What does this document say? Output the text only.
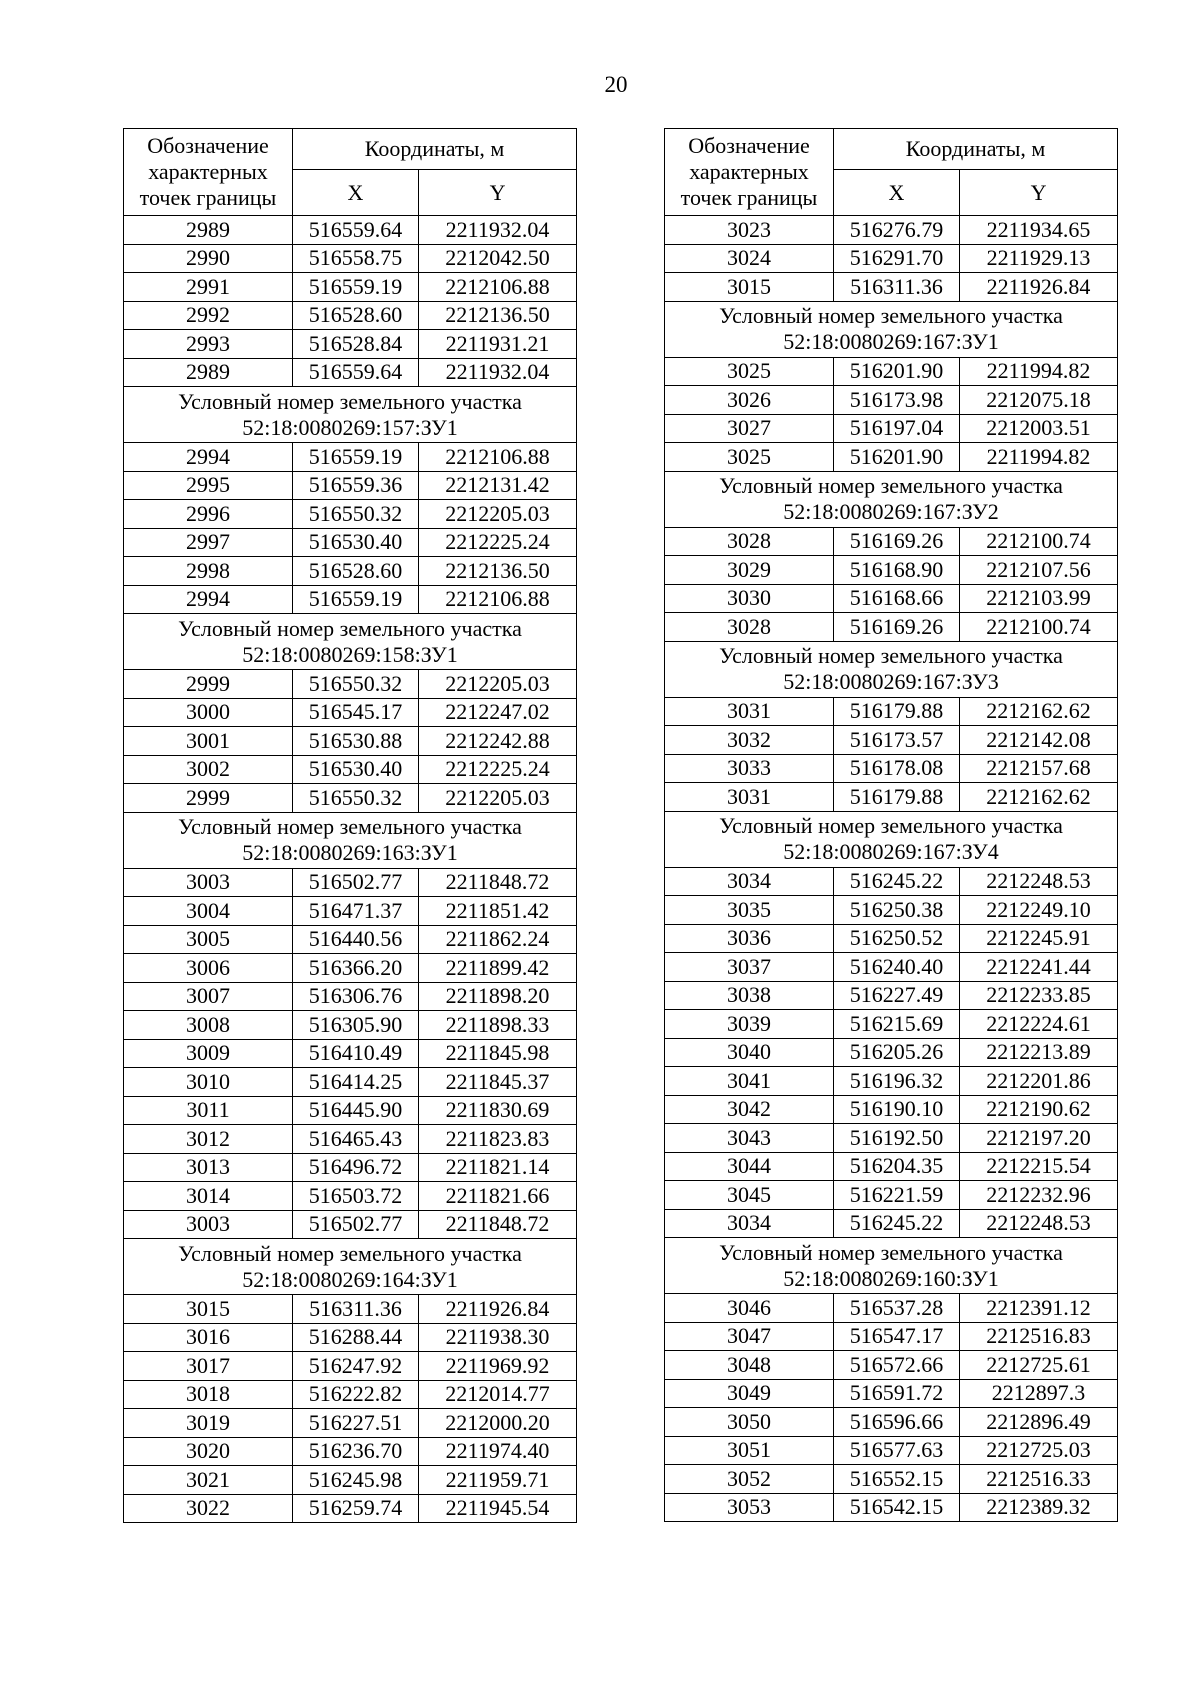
20
Обозначение характерных точек границы	Координаты, м	
	X	Y
2989	516559.64	2211932.04
2990	516558.75	2212042.50
2991	516559.19	2212106.88
2992	516528.60	2212136.50
2993	516528.84	2211931.21
2989	516559.64	2211932.04
Условный номер земельного участка 52:18:0080269:157:ЗУ1		
2994	516559.19	2212106.88
2995	516559.36	2212131.42
2996	516550.32	2212205.03
2997	516530.40	2212225.24
2998	516528.60	2212136.50
2994	516559.19	2212106.88
Условный номер земельного участка 52:18:0080269:158:ЗУ1		
2999	516550.32	2212205.03
3000	516545.17	2212247.02
3001	516530.88	2212242.88
3002	516530.40	2212225.24
2999	516550.32	2212205.03
Условный номер земельного участка 52:18:0080269:163:ЗУ1		
3003	516502.77	2211848.72
3004	516471.37	2211851.42
3005	516440.56	2211862.24
3006	516366.20	2211899.42
3007	516306.76	2211898.20
3008	516305.90	2211898.33
3009	516410.49	2211845.98
3010	516414.25	2211845.37
3011	516445.90	2211830.69
3012	516465.43	2211823.83
3013	516496.72	2211821.14
3014	516503.72	2211821.66
3003	516502.77	2211848.72
Условный номер земельного участка 52:18:0080269:164:ЗУ1		
3015	516311.36	2211926.84
3016	516288.44	2211938.30
3017	516247.92	2211969.92
3018	516222.82	2212014.77
3019	516227.51	2212000.20
3020	516236.70	2211974.40
3021	516245.98	2211959.71
3022	516259.74	2211945.54
Обозначение характерных точек границы	Координаты, м	
	X	Y
3023	516276.79	2211934.65
3024	516291.70	2211929.13
3015	516311.36	2211926.84
Условный номер земельного участка 52:18:0080269:167:ЗУ1		
3025	516201.90	2211994.82
3026	516173.98	2212075.18
3027	516197.04	2212003.51
3025	516201.90	2211994.82
Условный номер земельного участка 52:18:0080269:167:ЗУ2		
3028	516169.26	2212100.74
3029	516168.90	2212107.56
3030	516168.66	2212103.99
3028	516169.26	2212100.74
Условный номер земельного участка 52:18:0080269:167:ЗУ3		
3031	516179.88	2212162.62
3032	516173.57	2212142.08
3033	516178.08	2212157.68
3031	516179.88	2212162.62
Условный номер земельного участка 52:18:0080269:167:ЗУ4		
3034	516245.22	2212248.53
3035	516250.38	2212249.10
3036	516250.52	2212245.91
3037	516240.40	2212241.44
3038	516227.49	2212233.85
3039	516215.69	2212224.61
3040	516205.26	2212213.89
3041	516196.32	2212201.86
3042	516190.10	2212190.62
3043	516192.50	2212197.20
3044	516204.35	2212215.54
3045	516221.59	2212232.96
3034	516245.22	2212248.53
Условный номер земельного участка 52:18:0080269:160:ЗУ1		
3046	516537.28	2212391.12
3047	516547.17	2212516.83
3048	516572.66	2212725.61
3049	516591.72	2212897.3
3050	516596.66	2212896.49
3051	516577.63	2212725.03
3052	516552.15	2212516.33
3053	516542.15	2212389.32
